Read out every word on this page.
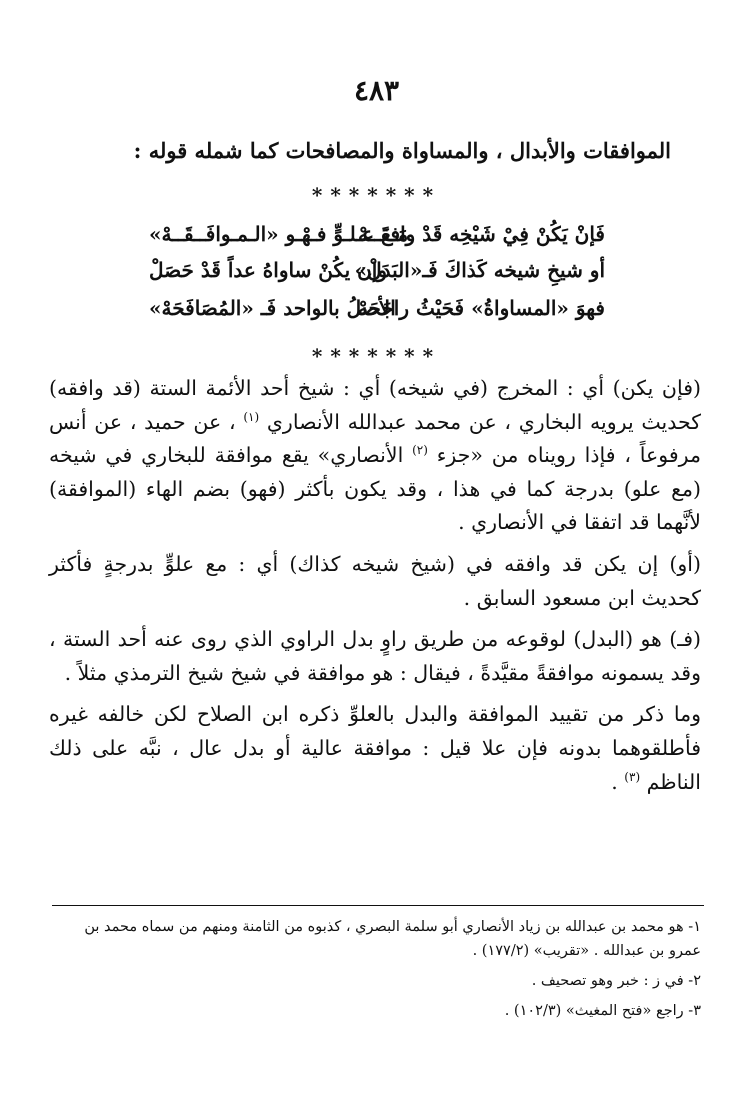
٤٨٣
الموافقات والأبدال ، والمساواة والمصافحات كما شمله قوله :
*******
فَإنْ يَكُنْ فِيْ شَيْخِه قَدْ وافقَــهْ
مَـعَ عـلـوٍّ فـهْـو «الـمـوافَــقَــهْ»
أو شيخِ شيخه كَذاكَ فَـ«البَدَلْ»
وإن يكُنْ ساواهُ عداً قَدْ حَصَلْ
فهوَ «المساواةُ» فَحَيْثُ راجَحَهْ
الأصلُ بالواحد فَـ «المُصَافَحَهْ»
*******

(فإن يكن) أي : المخرج (في شيخه) أي : شيخ أحد الأئمة الستة (قد وافقه) كحديث يرويه البخاري ، عن محمد عبدالله الأنصاري $^{(١)}$ ، عن حميد ، عن أنس مرفوعاً ، فإذا رويناه من «جزء $^{(٢)}$ الأنصاري» يقع موافقة للبخاري في شيخه (مع علو) بدرجة كما في هذا ، وقد يكون بأكثر (فهو) بضم الهاء (الموافقة) لأنَّهما قد اتفقا في الأنصاري .

(أو) إن يكن قد وافقه في (شيخ شيخه كذاك) أي : مع علوٍّ بدرجةٍ فأكثر كحديث ابن مسعود السابق .

(فـ) هو (البدل) لوقوعه من طريق راوٍ بدل الراوي الذي روى عنه أحد الستة ، وقد يسمونه موافقةً مقيَّدةً ، فيقال : هو موافقة في شيخ شيخ الترمذي مثلاً .

وما ذكر من تقييد الموافقة والبدل بالعلوِّ ذكره ابن الصلاح لكن خالفه غيره فأطلقوهما بدونه فإن علا قيل : موافقة عالية أو بدل عال ، نبَّه على ذلك الناظم $^{(٣)}$ .

١- هو محمد بن عبدالله بن زياد الأنصاري أبو سلمة البصري ، كذبوه من الثامنة ومنهم من سماه محمد بن عمرو بن عبدالله . «تقريب» (١٧٧/٢) .

٢- في ز : خبر وهو تصحيف .

٣- راجع «فتح المغيث» (١٠٢/٣) .
